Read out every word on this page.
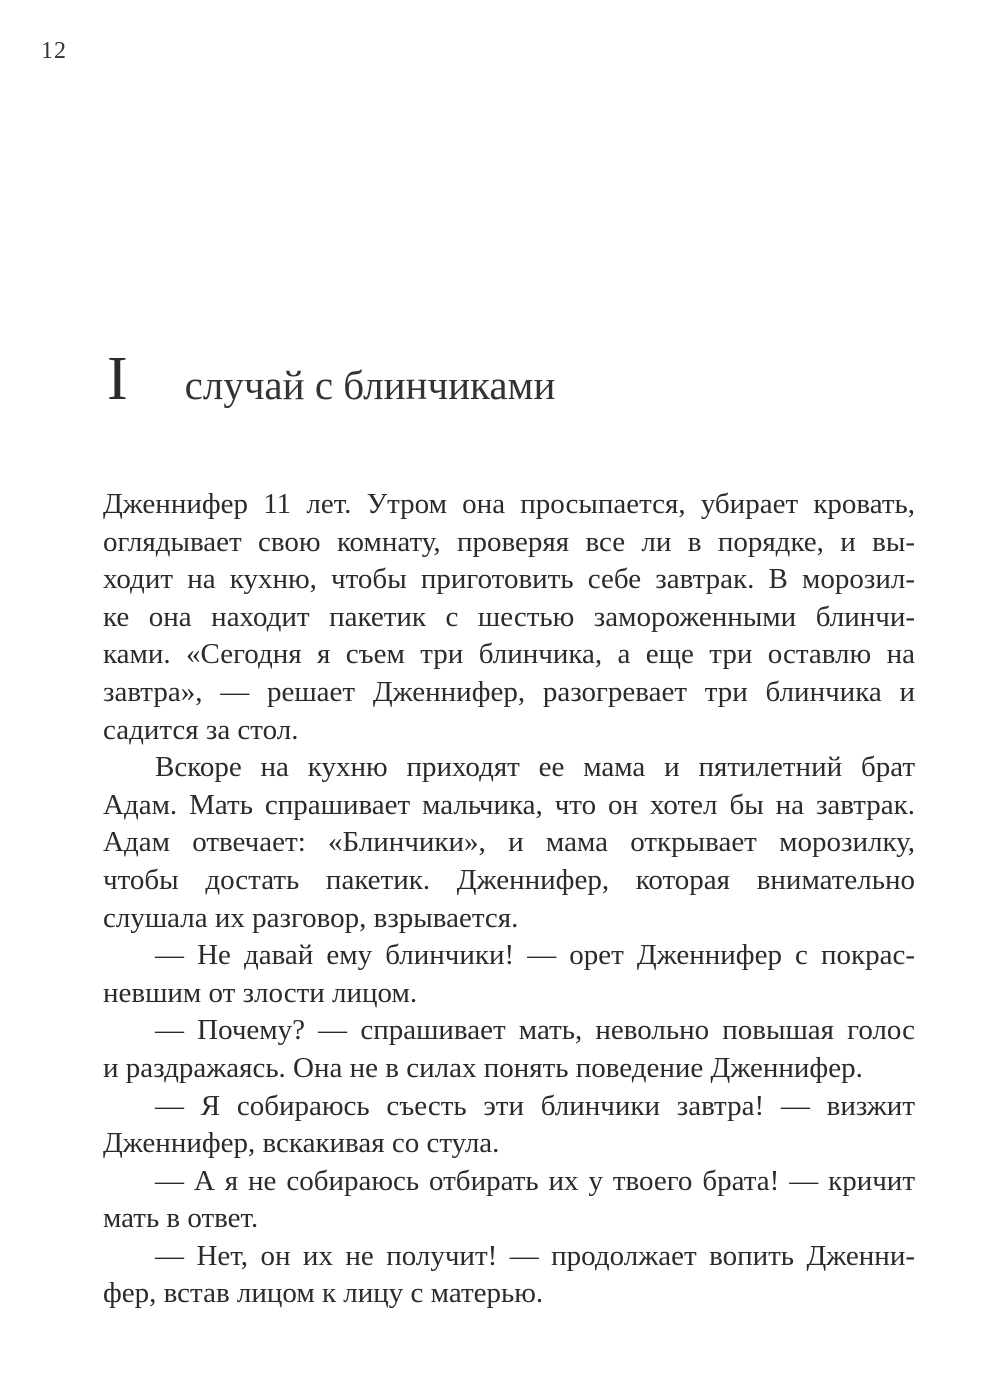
12
I случай с блинчиками
Дженнифер 11 лет. Утром она просыпается, убирает кровать,
оглядывает свою комнату, проверяя все ли в порядке, и вы-
ходит на кухню, чтобы приготовить себе завтрак. В морозил-
ке она находит пакетик с шестью замороженными блинчи-
ками. «Сегодня я съем три блинчика, а еще три оставлю на
завтра», — решает Дженнифер, разогревает три блинчика и
садится за стол.
Вскоре на кухню приходят ее мама и пятилетний брат
Адам. Мать спрашивает мальчика, что он хотел бы на завтрак.
Адам отвечает: «Блинчики», и мама открывает морозилку,
чтобы достать пакетик. Дженнифер, которая внимательно
слушала их разговор, взрывается.
— Не давай ему блинчики! — орет Дженнифер с покрас-
невшим от злости лицом.
— Почему? — спрашивает мать, невольно повышая голос
и раздражаясь. Она не в силах понять поведение Дженнифер.
— Я собираюсь съесть эти блинчики завтра! — визжит
Дженнифер, вскакивая со стула.
— А я не собираюсь отбирать их у твоего брата! — кричит
мать в ответ.
— Нет, он их не получит! — продолжает вопить Дженни-
фер, встав лицом к лицу с матерью.
